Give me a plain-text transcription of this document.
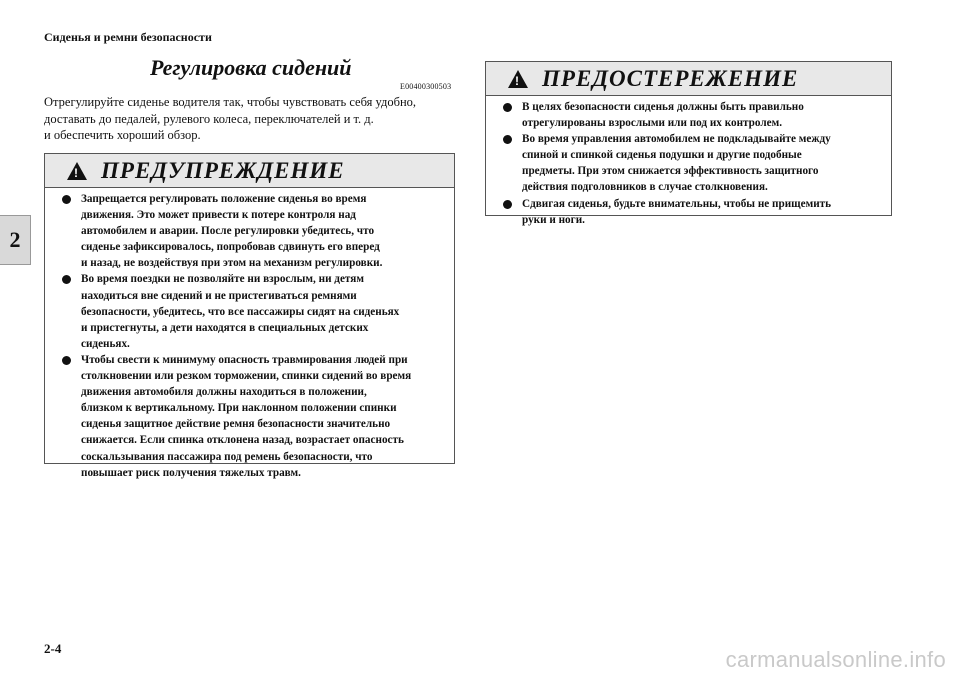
Сиденья и ремни безопасности
2
Регулировка сидений
E00400300503

Отрегулируйте сиденье водителя так, чтобы чувствовать себя удобно,
доставать до педалей, рулевого колеса, переключателей и т. д.
и обеспечить хороший обзор.

!
ПРЕДУПРЕЖДЕНИЕ

Запрещается регулировать положение сиденья во время
движения. Это может привести к потере контроля над
автомобилем и аварии. После регулировки убедитесь, что
сиденье зафиксировалось, попробовав сдвинуть его вперед
и назад, не воздействуя при этом на механизм регулировки.

Во время поездки не позволяйте ни взрослым, ни детям
находиться вне сидений и не пристегиваться ремнями
безопасности, убедитесь, что все пассажиры сидят на сиденьях
и пристегнуты, а дети находятся в специальных детских
сиденьях.

Чтобы свести к минимуму опасность травмирования людей при
столкновении или резком торможении, спинки сидений во время
движения автомобиля должны находиться в положении,
близком к вертикальному. При наклонном положении спинки
сиденья защитное действие ремня безопасности значительно
снижается. Если спинка отклонена назад, возрастает опасность
соскальзывания пассажира под ремень безопасности, что
повышает риск получения тяжелых травм.

!
ПРЕДОСТЕРЕЖЕНИЕ

В целях безопасности сиденья должны быть правильно
отрегулированы взрослыми или под их контролем.

Во время управления автомобилем не подкладывайте между
спиной и спинкой сиденья подушки и другие подобные
предметы. При этом снижается эффективность защитного
действия подголовников в случае столкновения.

Сдвигая сиденья, будьте внимательны, чтобы не прищемить
руки и ноги.

2-4	carmanualsonline.info
